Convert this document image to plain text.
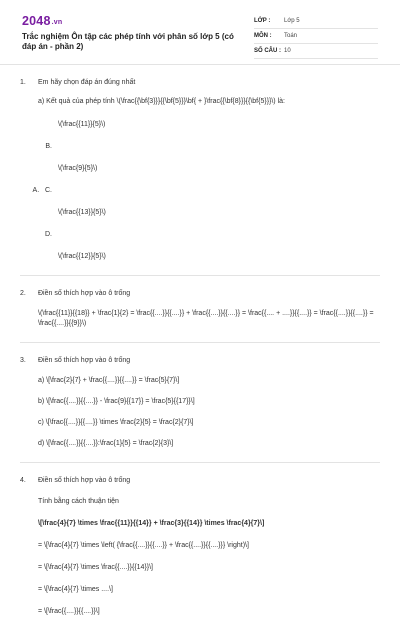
2048.vn
Trắc nghiệm Ôn tập các phép tính với phân số lớp 5 (có đáp án - phần 2)
LỚP :	Lớp 5
MÔN :	Toán
SỐ CÂU : 10
1.	Em hãy chọn đáp án đúng nhất
a) Kết quả của phép tính \(\frac{{\bf{3}}}{{\bf{5}}}\bf{ + }\frac{{\bf{8}}}{{\bf{5}}}\) là:
\(\frac{{11}}{5}\)
B.
\(\frac{9}{5}\)
A.   C.
\(\frac{{13}}{5}\)
D.
\(\frac{{12}}{5}\)
2.	Điền số thích hợp vào ô trống
\(\frac{{11}}{{18}} + \frac{1}{2} = \frac{{....}}{{....}} + \frac{{....}}{{....}} = \frac{{.... + ....}}{{....}} = \frac{{....}}{{....}} = \frac{{....}}{{9}}\)
3.	Điền số thích hợp vào ô trống
a) \[\frac{2}{7} + \frac{{....}}{{....}} = \frac{5}{7}\]
b) \[\frac{{....}}{{....}} - \frac{9}{{17}} = \frac{5}{{17}}\]
c) \[\frac{{....}}{{....}} \times \frac{2}{5} = \frac{2}{7}\]
d) \[\frac{{....}}{{....}}:\frac{1}{5} = \frac{2}{3}\]
4.	Điền số thích hợp vào ô trống
Tính bằng cách thuận tiện
\[\frac{4}{7} \times \frac{{11}}{{14}} + \frac{3}{{14}} \times \frac{4}{7}\]
= \[\frac{4}{7} \times \left( {\frac{{....}}{{....}} + \frac{{....}}{{....}}} \right)\]
= \[\frac{4}{7} \times \frac{{....}}{{14}}\]
= \[\frac{4}{7} \times ....\]
= \[\frac{{....}}{{....}}\]
